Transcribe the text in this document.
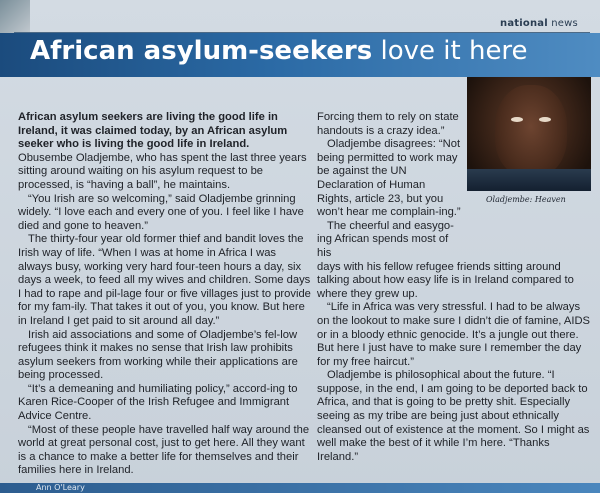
national news
African asylum-seekers love it here
Oladjembe: Heaven

African asylum seekers are living the good life in Ireland, it was claimed today, by an African asylum seeker who is living the good life in Ireland.

Obusembe Oladjembe, who has spent the last three years sitting around waiting on his asylum request to be processed, is “having a ball”, he maintains.

“You Irish are so welcoming,” said Oladjembe grinning widely. “I love each and every one of you. I feel like I have died and gone to heaven.”

The thirty-four year old former thief and bandit loves the Irish way of life. “When I was at home in Africa I was always busy, working very hard four-teen hours a day, six days a week, to feed all my wives and children. Some days I had to rape and pil-lage four or five villages just to provide for my fam-ily. That takes it out of you, you know. But here in Ireland I get paid to sit around all day.”

Irish aid associations and some of Oladjembe’s fel-low refugees think it makes no sense that Irish law prohibits asylum seekers from working while their applications are being processed.

“It’s a demeaning and humiliating policy,” accord-ing to Karen Rice-Cooper of the Irish Refugee and Immigrant Advice Centre.

“Most of these people have travelled half way around the world at great personal cost, just to get here. All they want is a chance to make a better life for themselves and their families here in Ireland.

Forcing them to rely on state handouts is a crazy idea.”

Oladjembe disagrees: “Not being permitted to work may be against the UN Declaration of Human Rights, article 23, but you won’t hear me complain-ing.”

The cheerful and easygo-ing African spends most of his

days with his fellow refugee friends sitting around talking about how easy life is in Ireland compared to where they grew up.

“Life in Africa was very stressful. I had to be always on the lookout to make sure I didn’t die of famine, AIDS or in a bloody ethnic genocide. It’s a jungle out there. But here I just have to make sure I remember the day for my free haircut.”

Oladjembe is philosophical about the future. “I suppose, in the end, I am going to be deported back to Africa, and that is going to be pretty shit. Especially seeing as my tribe are being just about ethnically cleansed out of existence at the moment. So I might as well make the best of it while I’m here. “Thanks Ireland.”

Ann O'Leary
